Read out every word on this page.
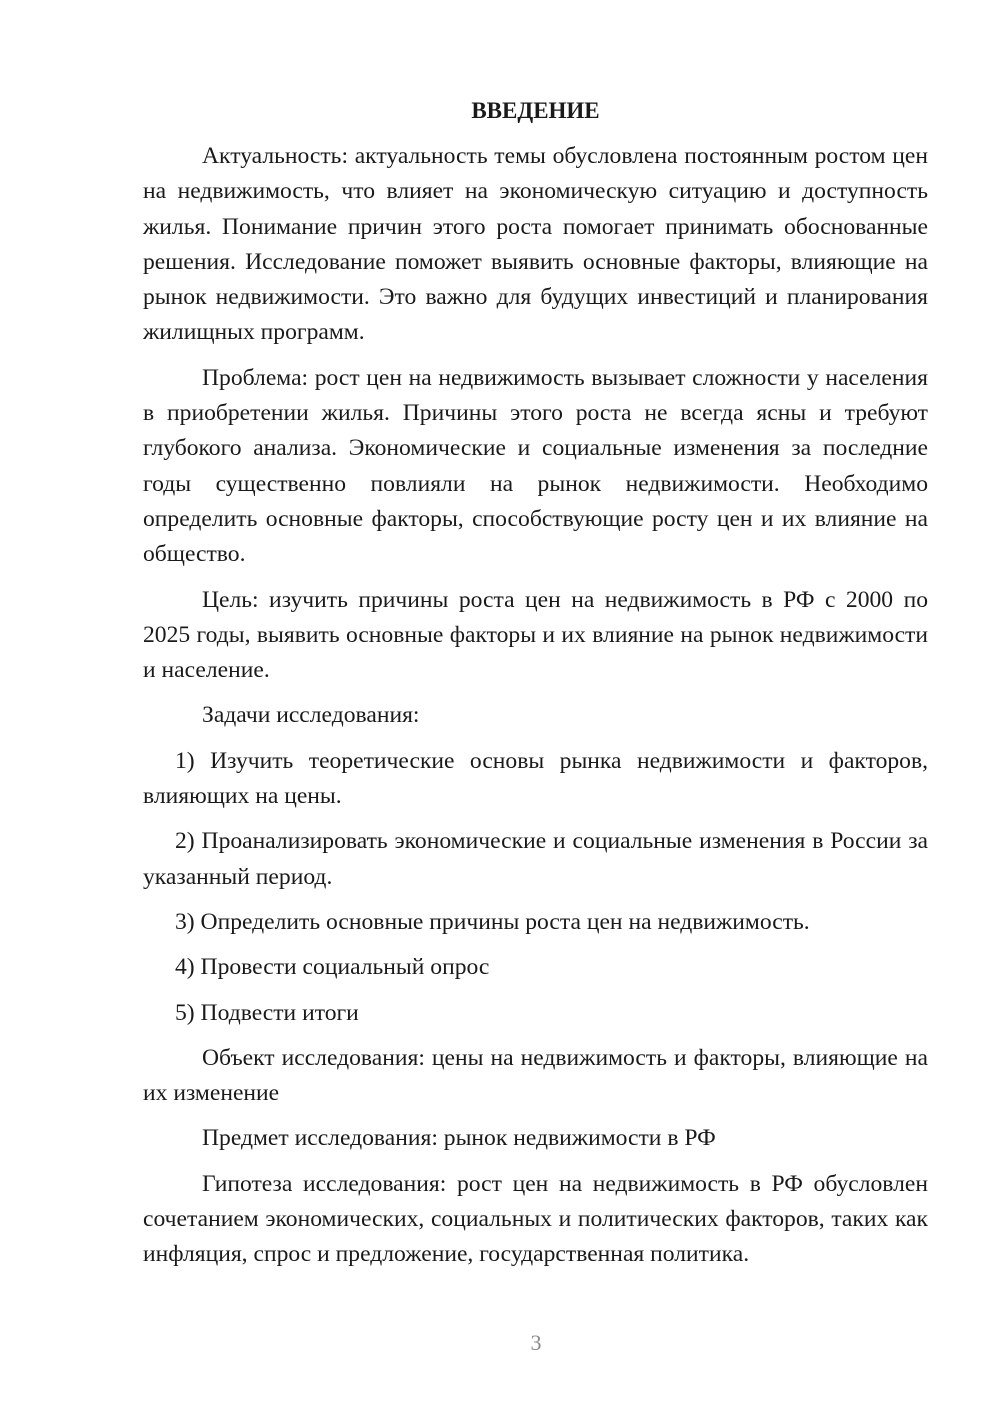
ВВЕДЕНИЕ

Актуальность: актуальность темы обусловлена постоянным ростом цен на недвижимость, что влияет на экономическую ситуацию и доступность жилья. Понимание причин этого роста помогает принимать обоснованные решения. Исследование поможет выявить основные факторы, влияющие на рынок недвижимости. Это важно для будущих инвестиций и планирования жилищных программ.

Проблема: рост цен на недвижимость вызывает сложности у населения в приобретении жилья. Причины этого роста не всегда ясны и требуют глубокого анализа. Экономические и социальные изменения за последние годы существенно повлияли на рынок недвижимости. Необходимо определить основные факторы, способствующие росту цен и их влияние на общество.

Цель: изучить причины роста цен на недвижимость в РФ с 2000 по 2025 годы, выявить основные факторы и их влияние на рынок недвижимости и население.

Задачи исследования:

1) Изучить теоретические основы рынка недвижимости и факторов, влияющих на цены.

2) Проанализировать экономические и социальные изменения в России за указанный период.

3) Определить основные причины роста цен на недвижимость.

4) Провести социальный опрос

5) Подвести итоги

Объект исследования: цены на недвижимость и факторы, влияющие на их изменение

Предмет исследования: рынок недвижимости в РФ

Гипотеза исследования: рост цен на недвижимость в РФ обусловлен сочетанием экономических, социальных и политических факторов, таких как инфляция, спрос и предложение, государственная политика.

3
